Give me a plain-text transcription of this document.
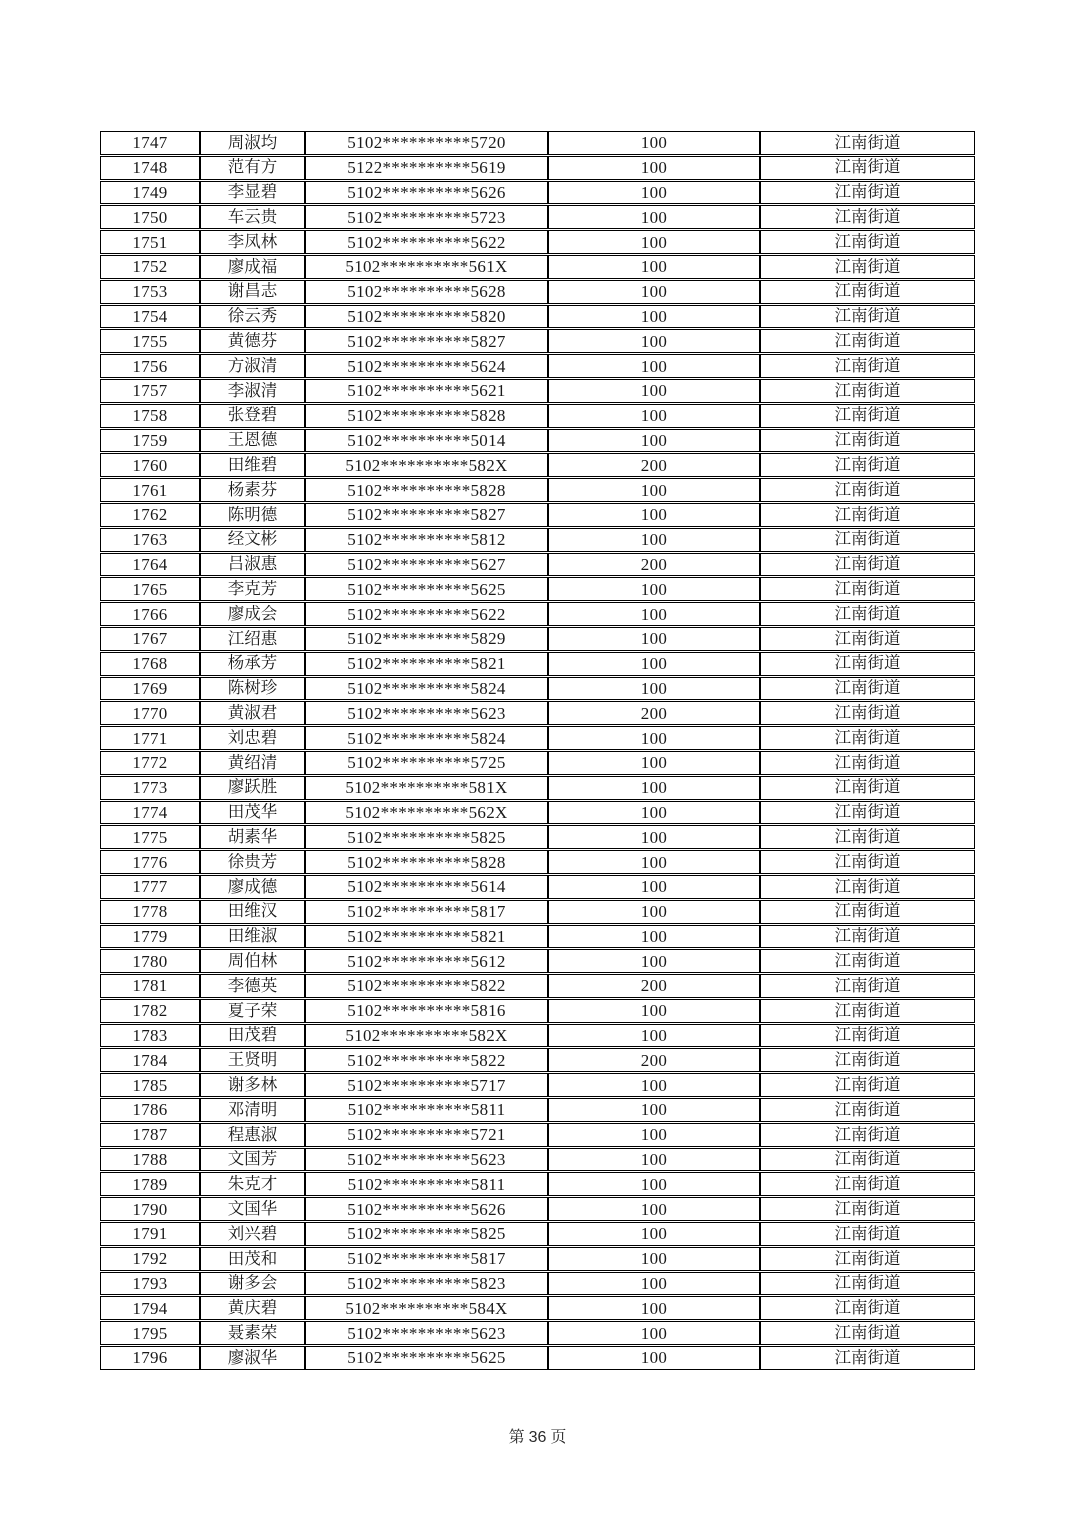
1747	周淑均	5102**********5720	100	江南街道
1748	范有方	5122**********5619	100	江南街道
1749	李显碧	5102**********5626	100	江南街道
1750	车云贵	5102**********5723	100	江南街道
1751	李凤林	5102**********5622	100	江南街道
1752	廖成福	5102**********561X	100	江南街道
1753	谢昌志	5102**********5628	100	江南街道
1754	徐云秀	5102**********5820	100	江南街道
1755	黄德芬	5102**********5827	100	江南街道
1756	方淑清	5102**********5624	100	江南街道
1757	李淑清	5102**********5621	100	江南街道
1758	张登碧	5102**********5828	100	江南街道
1759	王恩德	5102**********5014	100	江南街道
1760	田维碧	5102**********582X	200	江南街道
1761	杨素芬	5102**********5828	100	江南街道
1762	陈明德	5102**********5827	100	江南街道
1763	经文彬	5102**********5812	100	江南街道
1764	吕淑惠	5102**********5627	200	江南街道
1765	李克芳	5102**********5625	100	江南街道
1766	廖成会	5102**********5622	100	江南街道
1767	江绍惠	5102**********5829	100	江南街道
1768	杨承芳	5102**********5821	100	江南街道
1769	陈树珍	5102**********5824	100	江南街道
1770	黄淑君	5102**********5623	200	江南街道
1771	刘忠碧	5102**********5824	100	江南街道
1772	黄绍清	5102**********5725	100	江南街道
1773	廖跃胜	5102**********581X	100	江南街道
1774	田茂华	5102**********562X	100	江南街道
1775	胡素华	5102**********5825	100	江南街道
1776	徐贵芳	5102**********5828	100	江南街道
1777	廖成德	5102**********5614	100	江南街道
1778	田维汉	5102**********5817	100	江南街道
1779	田维淑	5102**********5821	100	江南街道
1780	周伯林	5102**********5612	100	江南街道
1781	李德英	5102**********5822	200	江南街道
1782	夏子荣	5102**********5816	100	江南街道
1783	田茂碧	5102**********582X	100	江南街道
1784	王贤明	5102**********5822	200	江南街道
1785	谢多林	5102**********5717	100	江南街道
1786	邓清明	5102**********5811	100	江南街道
1787	程惠淑	5102**********5721	100	江南街道
1788	文国芳	5102**********5623	100	江南街道
1789	朱克才	5102**********5811	100	江南街道
1790	文国华	5102**********5626	100	江南街道
1791	刘兴碧	5102**********5825	100	江南街道
1792	田茂和	5102**********5817	100	江南街道
1793	谢多会	5102**********5823	100	江南街道
1794	黄庆碧	5102**********584X	100	江南街道
1795	聂素荣	5102**********5623	100	江南街道
1796	廖淑华	5102**********5625	100	江南街道
第 36 页
